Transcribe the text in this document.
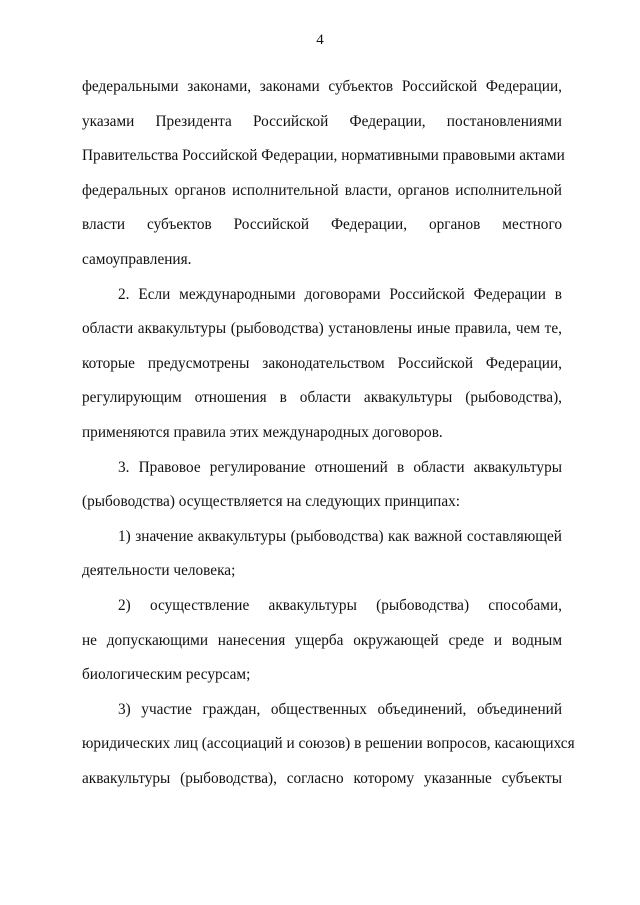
4
федеральными законами, законами субъектов Российской Федерации,
указами Президента Российской Федерации, постановлениями
Правительства Российской Федерации, нормативными правовыми актами
федеральных органов исполнительной власти, органов исполнительной
власти субъектов Российской Федерации, органов местного
самоуправления.
2. Если международными договорами Российской Федерации в
области аквакультуры (рыбоводства) установлены иные правила, чем те,
которые предусмотрены законодательством Российской Федерации,
регулирующим отношения в области аквакультуры (рыбоводства),
применяются правила этих международных договоров.
3. Правовое регулирование отношений в области аквакультуры
(рыбоводства) осуществляется на следующих принципах:
1) значение аквакультуры (рыбоводства) как важной составляющей
деятельности человека;
2) осуществление аквакультуры (рыбоводства) способами,
не допускающими нанесения ущерба окружающей среде и водным
биологическим ресурсам;
3) участие граждан, общественных объединений, объединений
юридических лиц (ассоциаций и союзов) в решении вопросов, касающихся
аквакультуры (рыбоводства), согласно которому указанные субъекты
